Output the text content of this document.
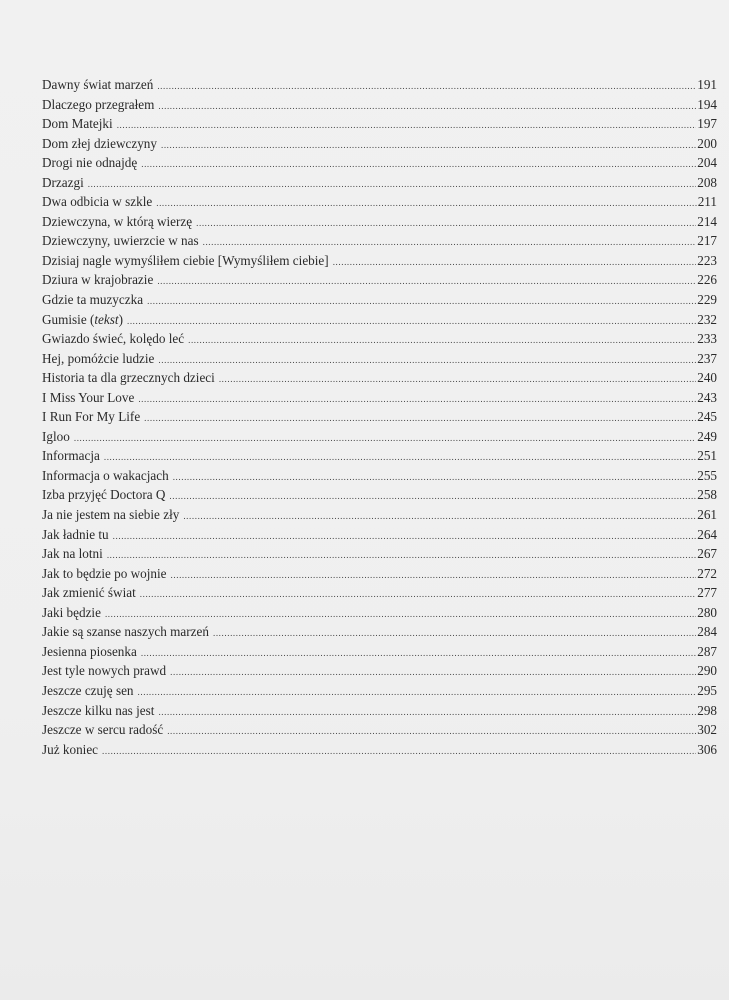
Dawny świat marzeń .....	191
Dlaczego przegrałem .....	194
Dom Matejki .....	197
Dom złej dziewczyny .....	200
Drogi nie odnajdę .....	204
Drzazgi .....	208
Dwa odbicia w szkle .....	211
Dziewczyna, w którą wierzę .....	214
Dziewczyny, uwierzcie w nas .....	217
Dzisiaj nagle wymyśliłem ciebie [Wymyśliłem ciebie] .....	223
Dziura w krajobrazie .....	226
Gdzie ta muzyczka .....	229
Gumisie (tekst) .....	232
Gwiazdo świeć, kolędo leć .....	233
Hej, pomóżcie ludzie .....	237
Historia ta dla grzecznych dzieci .....	240
I Miss Your Love .....	243
I Run For My Life .....	245
Igloo .....	249
Informacja .....	251
Informacja o wakacjach .....	255
Izba przyjęć Doctora Q .....	258
Ja nie jestem na siebie zły .....	261
Jak ładnie tu .....	264
Jak na lotni .....	267
Jak to będzie po wojnie .....	272
Jak zmienić świat .....	277
Jaki będzie .....	280
Jakie są szanse naszych marzeń .....	284
Jesienna piosenka .....	287
Jest tyle nowych prawd .....	290
Jeszcze czuję sen .....	295
Jeszcze kilku nas jest .....	298
Jeszcze w sercu radość .....	302
Już koniec .....	306
